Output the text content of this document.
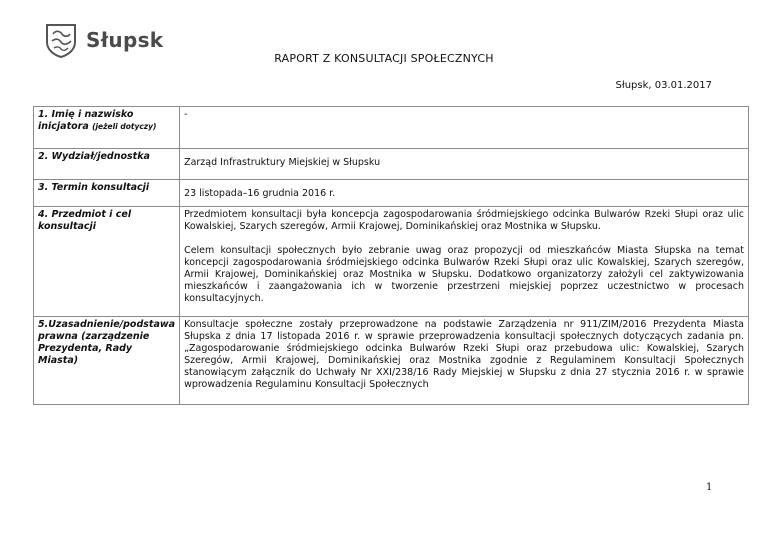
Słupsk
RAPORT Z KONSULTACJI SPOŁECZNYCH
Słupsk, 03.01.2017
1. Imię i nazwisko inicjatora (jeżeli dotyczy)	-

2. Wydział/jednostka	Zarząd Infrastruktury Miejskiej w Słupsku

3. Termin konsultacji	23 listopada–16 grudnia 2016 r.

4. Przedmiot i cel konsultacji	Przedmiotem konsultacji była koncepcja zagospodarowania śródmiejskiego odcinka Bulwarów Rzeki Słupi oraz ulic Kowalskiej, Szarych szeregów, Armii Krajowej, Dominikańskiej oraz Mostnika w Słupsku.

Celem konsultacji społecznych było zebranie uwag oraz propozycji od mieszkańców Miasta Słupska na temat koncepcji zagospodarowania śródmiejskiego odcinka Bulwarów Rzeki Słupi oraz ulic Kowalskiej, Szarych szeregów, Armii Krajowej, Dominikańskiej oraz Mostnika w Słupsku. Dodatkowo organizatorzy założyli cel zaktywizowania mieszkańców i zaangażowania ich w tworzenie przestrzeni miejskiej poprzez uczestnictwo w procesach konsultacyjnych.

5.Uzasadnienie/podstawa prawna (zarządzenie Prezydenta, Rady Miasta)	Konsultacje społeczne zostały przeprowadzone na podstawie Zarządzenia nr 911/ZIM/2016 Prezydenta Miasta Słupska z dnia 17 listopada 2016 r. w sprawie przeprowadzenia konsultacji społecznych dotyczących zadania pn. „Zagospodarowanie śródmiejskiego odcinka Bulwarów Rzeki Słupi oraz przebudowa ulic: Kowalskiej, Szarych Szeregów, Armii Krajowej, Dominikańskiej oraz Mostnika zgodnie z Regulaminem Konsultacji Społecznych stanowiącym załącznik do Uchwały Nr XXI/238/16 Rady Miejskiej w Słupsku z dnia 27 stycznia 2016 r. w sprawie wprowadzenia Regulaminu Konsultacji Społecznych

1
